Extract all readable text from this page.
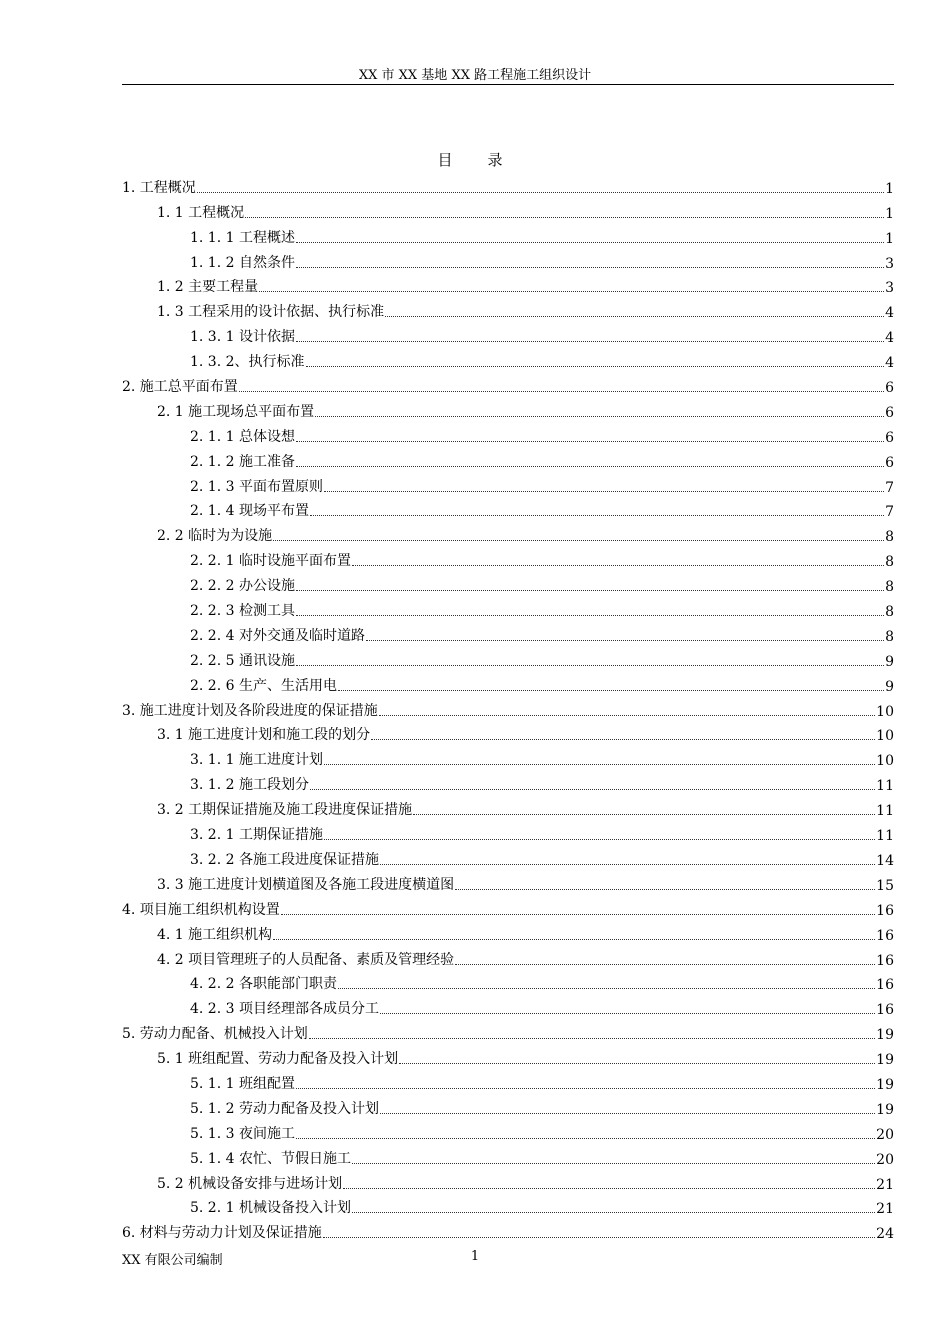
XX 市 XX 基地 XX 路工程施工组织设计
目　录
1. 工程概况	1
1. 1 工程概况	1
1. 1. 1 工程概述	1
1. 1. 2 自然条件	3
1. 2 主要工程量	3
1. 3 工程采用的设计依据、执行标准	4
1. 3. 1 设计依据	4
1. 3. 2、执行标准	4
2. 施工总平面布置	6
2. 1 施工现场总平面布置	6
2. 1. 1 总体设想	6
2. 1. 2 施工准备	6
2. 1. 3 平面布置原则	7
2. 1. 4 现场平布置	7
2. 2 临时为为设施	8
2. 2. 1 临时设施平面布置	8
2. 2. 2 办公设施	8
2. 2. 3 检测工具	8
2. 2. 4 对外交通及临时道路	8
2. 2. 5 通讯设施	9
2. 2. 6 生产、生活用电	9
3. 施工进度计划及各阶段进度的保证措施	10
3. 1 施工进度计划和施工段的划分	10
3. 1. 1 施工进度计划	10
3. 1. 2 施工段划分	11
3. 2 工期保证措施及施工段进度保证措施	11
3. 2. 1 工期保证措施	11
3. 2. 2 各施工段进度保证措施	14
3. 3 施工进度计划横道图及各施工段进度横道图	15
4. 项目施工组织机构设置	16
4. 1 施工组织机构	16
4. 2 项目管理班子的人员配备、素质及管理经验	16
4. 2. 2 各职能部门职责	16
4. 2. 3 项目经理部各成员分工	16
5. 劳动力配备、机械投入计划	19
5. 1 班组配置、劳动力配备及投入计划	19
5. 1. 1 班组配置	19
5. 1. 2 劳动力配备及投入计划	19
5. 1. 3 夜间施工	20
5. 1. 4 农忙、节假日施工	20
5. 2 机械设备安排与进场计划	21
5. 2. 1 机械设备投入计划	21
6. 材料与劳动力计划及保证措施	24
XX 有限公司编制	1
